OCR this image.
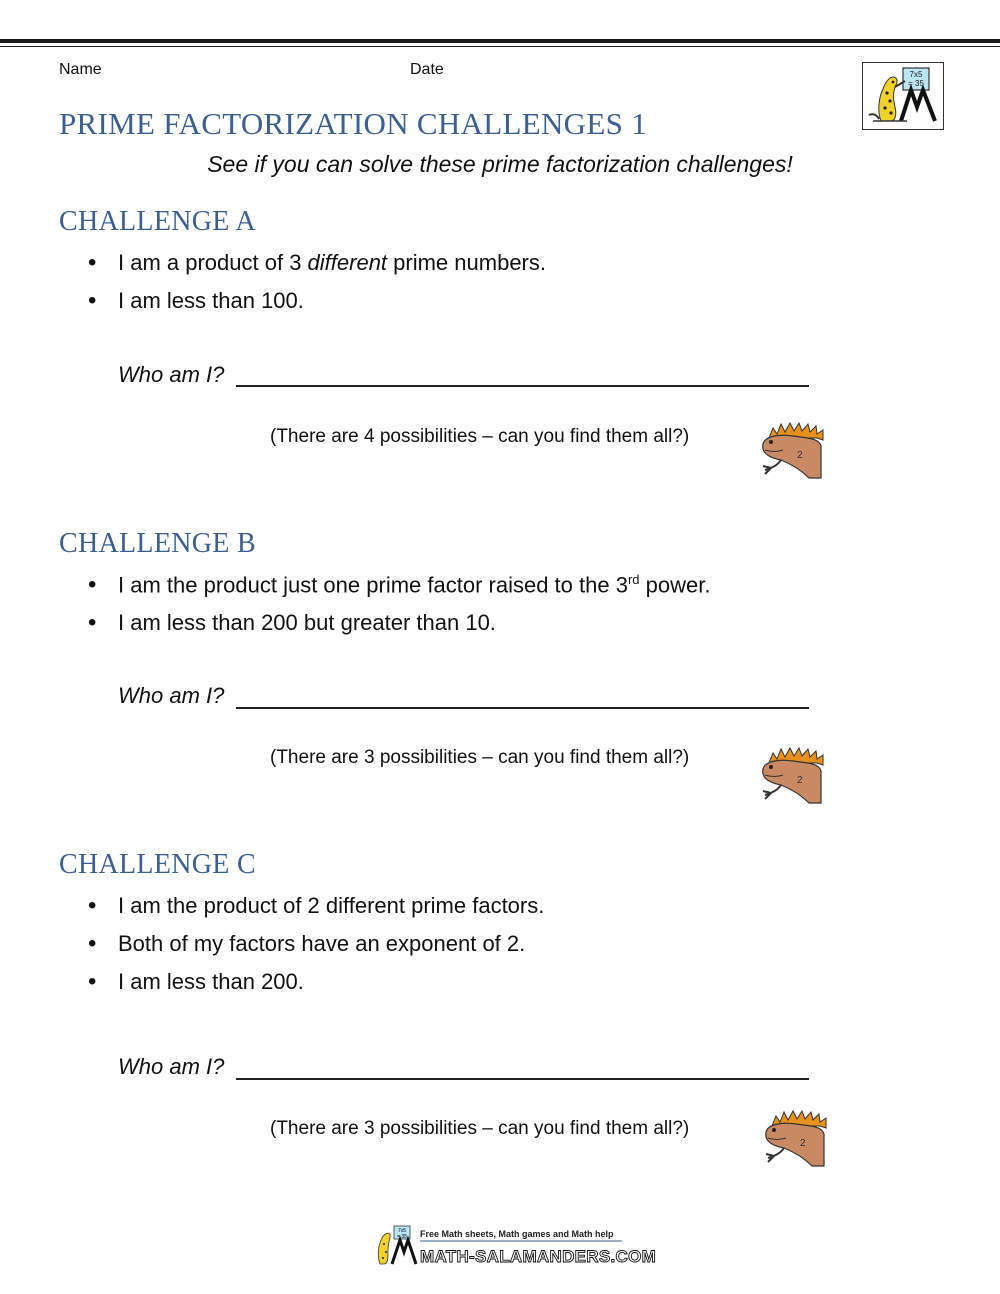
Name	Date	7x5
= 35
PRIME FACTORIZATION CHALLENGES 1
See if you can solve these prime factorization challenges!
CHALLENGE A
• I am a product of 3 different prime numbers.
• I am less than 100.
Who am I?
(There are 4 possibilities – can you find them all?)
2
CHALLENGE B
• I am the product just one prime factor raised to the 3rd power.
• I am less than 200 but greater than 10.
Who am I?
(There are 3 possibilities – can you find them all?)
2
CHALLENGE C
• I am the product of 2 different prime factors.
• Both of my factors have an exponent of 2.
• I am less than 200.
Who am I?
(There are 3 possibilities – can you find them all?)
2
7x5
= 35 Free Math sheets, Math games and Math help
MATH-SALAMANDERS.COM
